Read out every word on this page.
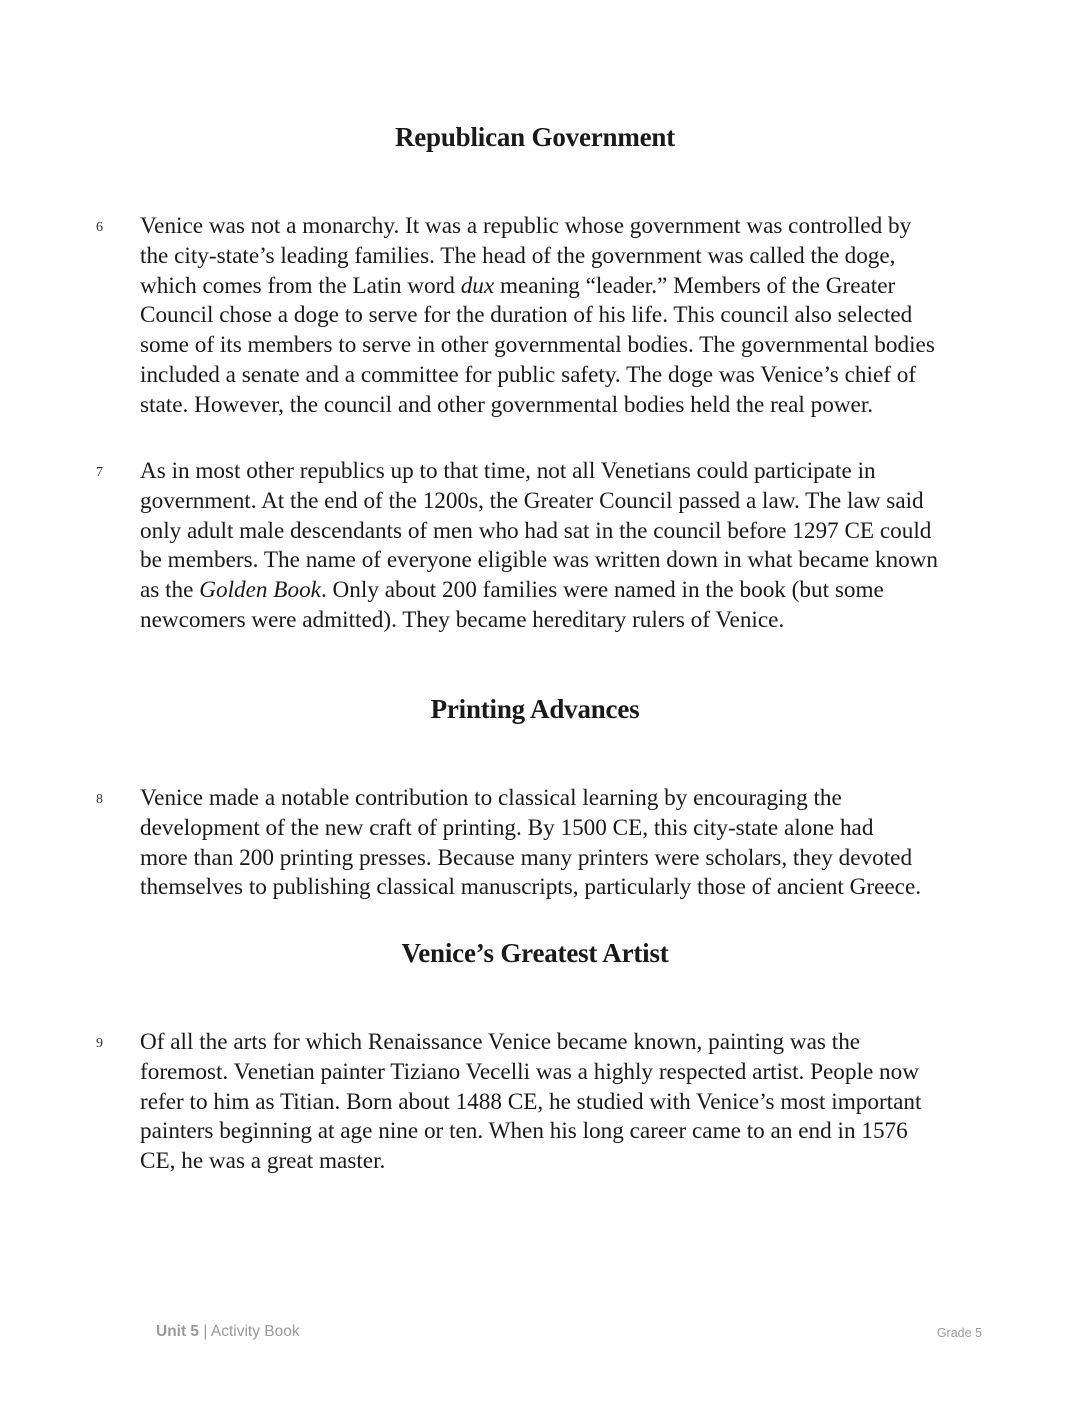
Republican Government
6 Venice was not a monarchy. It was a republic whose government was controlled by
the city-state’s leading families. The head of the government was called the doge,
which comes from the Latin word dux meaning “leader.” Members of the Greater
Council chose a doge to serve for the duration of his life. This council also selected
some of its members to serve in other governmental bodies. The governmental bodies
included a senate and a committee for public safety. The doge was Venice’s chief of
state. However, the council and other governmental bodies held the real power.

7 As in most other republics up to that time, not all Venetians could participate in
government. At the end of the 1200s, the Greater Council passed a law. The law said
only adult male descendants of men who had sat in the council before 1297 CE could
be members. The name of everyone eligible was written down in what became known
as the Golden Book. Only about 200 families were named in the book (but some
newcomers were admitted). They became hereditary rulers of Venice.

Printing Advances
8 Venice made a notable contribution to classical learning by encouraging the
development of the new craft of printing. By 1500 CE, this city-state alone had
more than 200 printing presses. Because many printers were scholars, they devoted
themselves to publishing classical manuscripts, particularly those of ancient Greece.

Venice’s Greatest Artist
9 Of all the arts for which Renaissance Venice became known, painting was the
foremost. Venetian painter Tiziano Vecelli was a highly respected artist. People now
refer to him as Titian. Born about 1488 CE, he studied with Venice’s most important
painters beginning at age nine or ten. When his long career came to an end in 1576
CE, he was a great master.

Unit 5 | Activity Book	Grade 5
